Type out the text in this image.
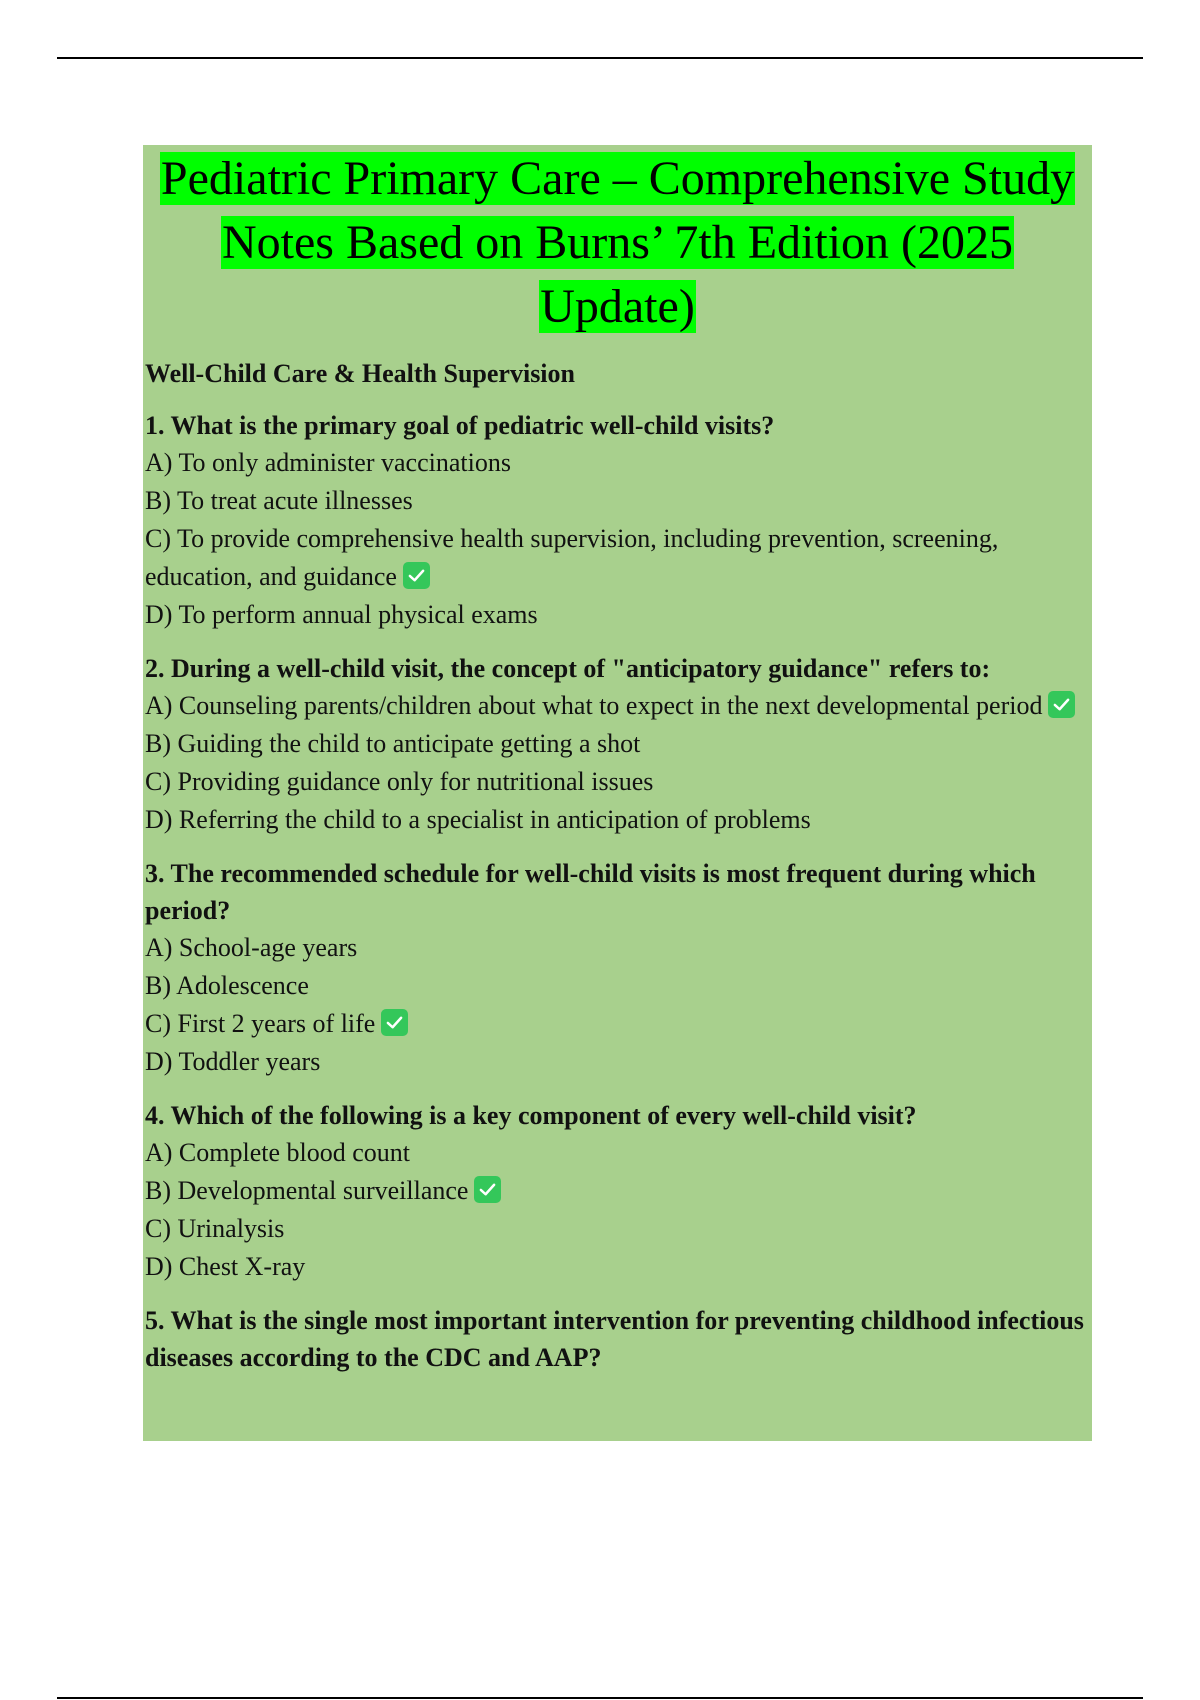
Pediatric Primary Care – Comprehensive Study
Notes Based on Burns’ 7th Edition (2025
Update)
Well-Child Care & Health Supervision
1. What is the primary goal of pediatric well-child visits?
A) To only administer vaccinations
B) To treat acute illnesses
C) To provide comprehensive health supervision, including prevention, screening, education, and guidance
D) To perform annual physical exams
2. During a well-child visit, the concept of "anticipatory guidance" refers to:
A) Counseling parents/children about what to expect in the next developmental period
B) Guiding the child to anticipate getting a shot
C) Providing guidance only for nutritional issues
D) Referring the child to a specialist in anticipation of problems
3. The recommended schedule for well-child visits is most frequent during which period?
A) School-age years
B) Adolescence
C) First 2 years of life
D) Toddler years
4. Which of the following is a key component of every well-child visit?
A) Complete blood count
B) Developmental surveillance
C) Urinalysis
D) Chest X-ray
5. What is the single most important intervention for preventing childhood infectious diseases according to the CDC and AAP?
